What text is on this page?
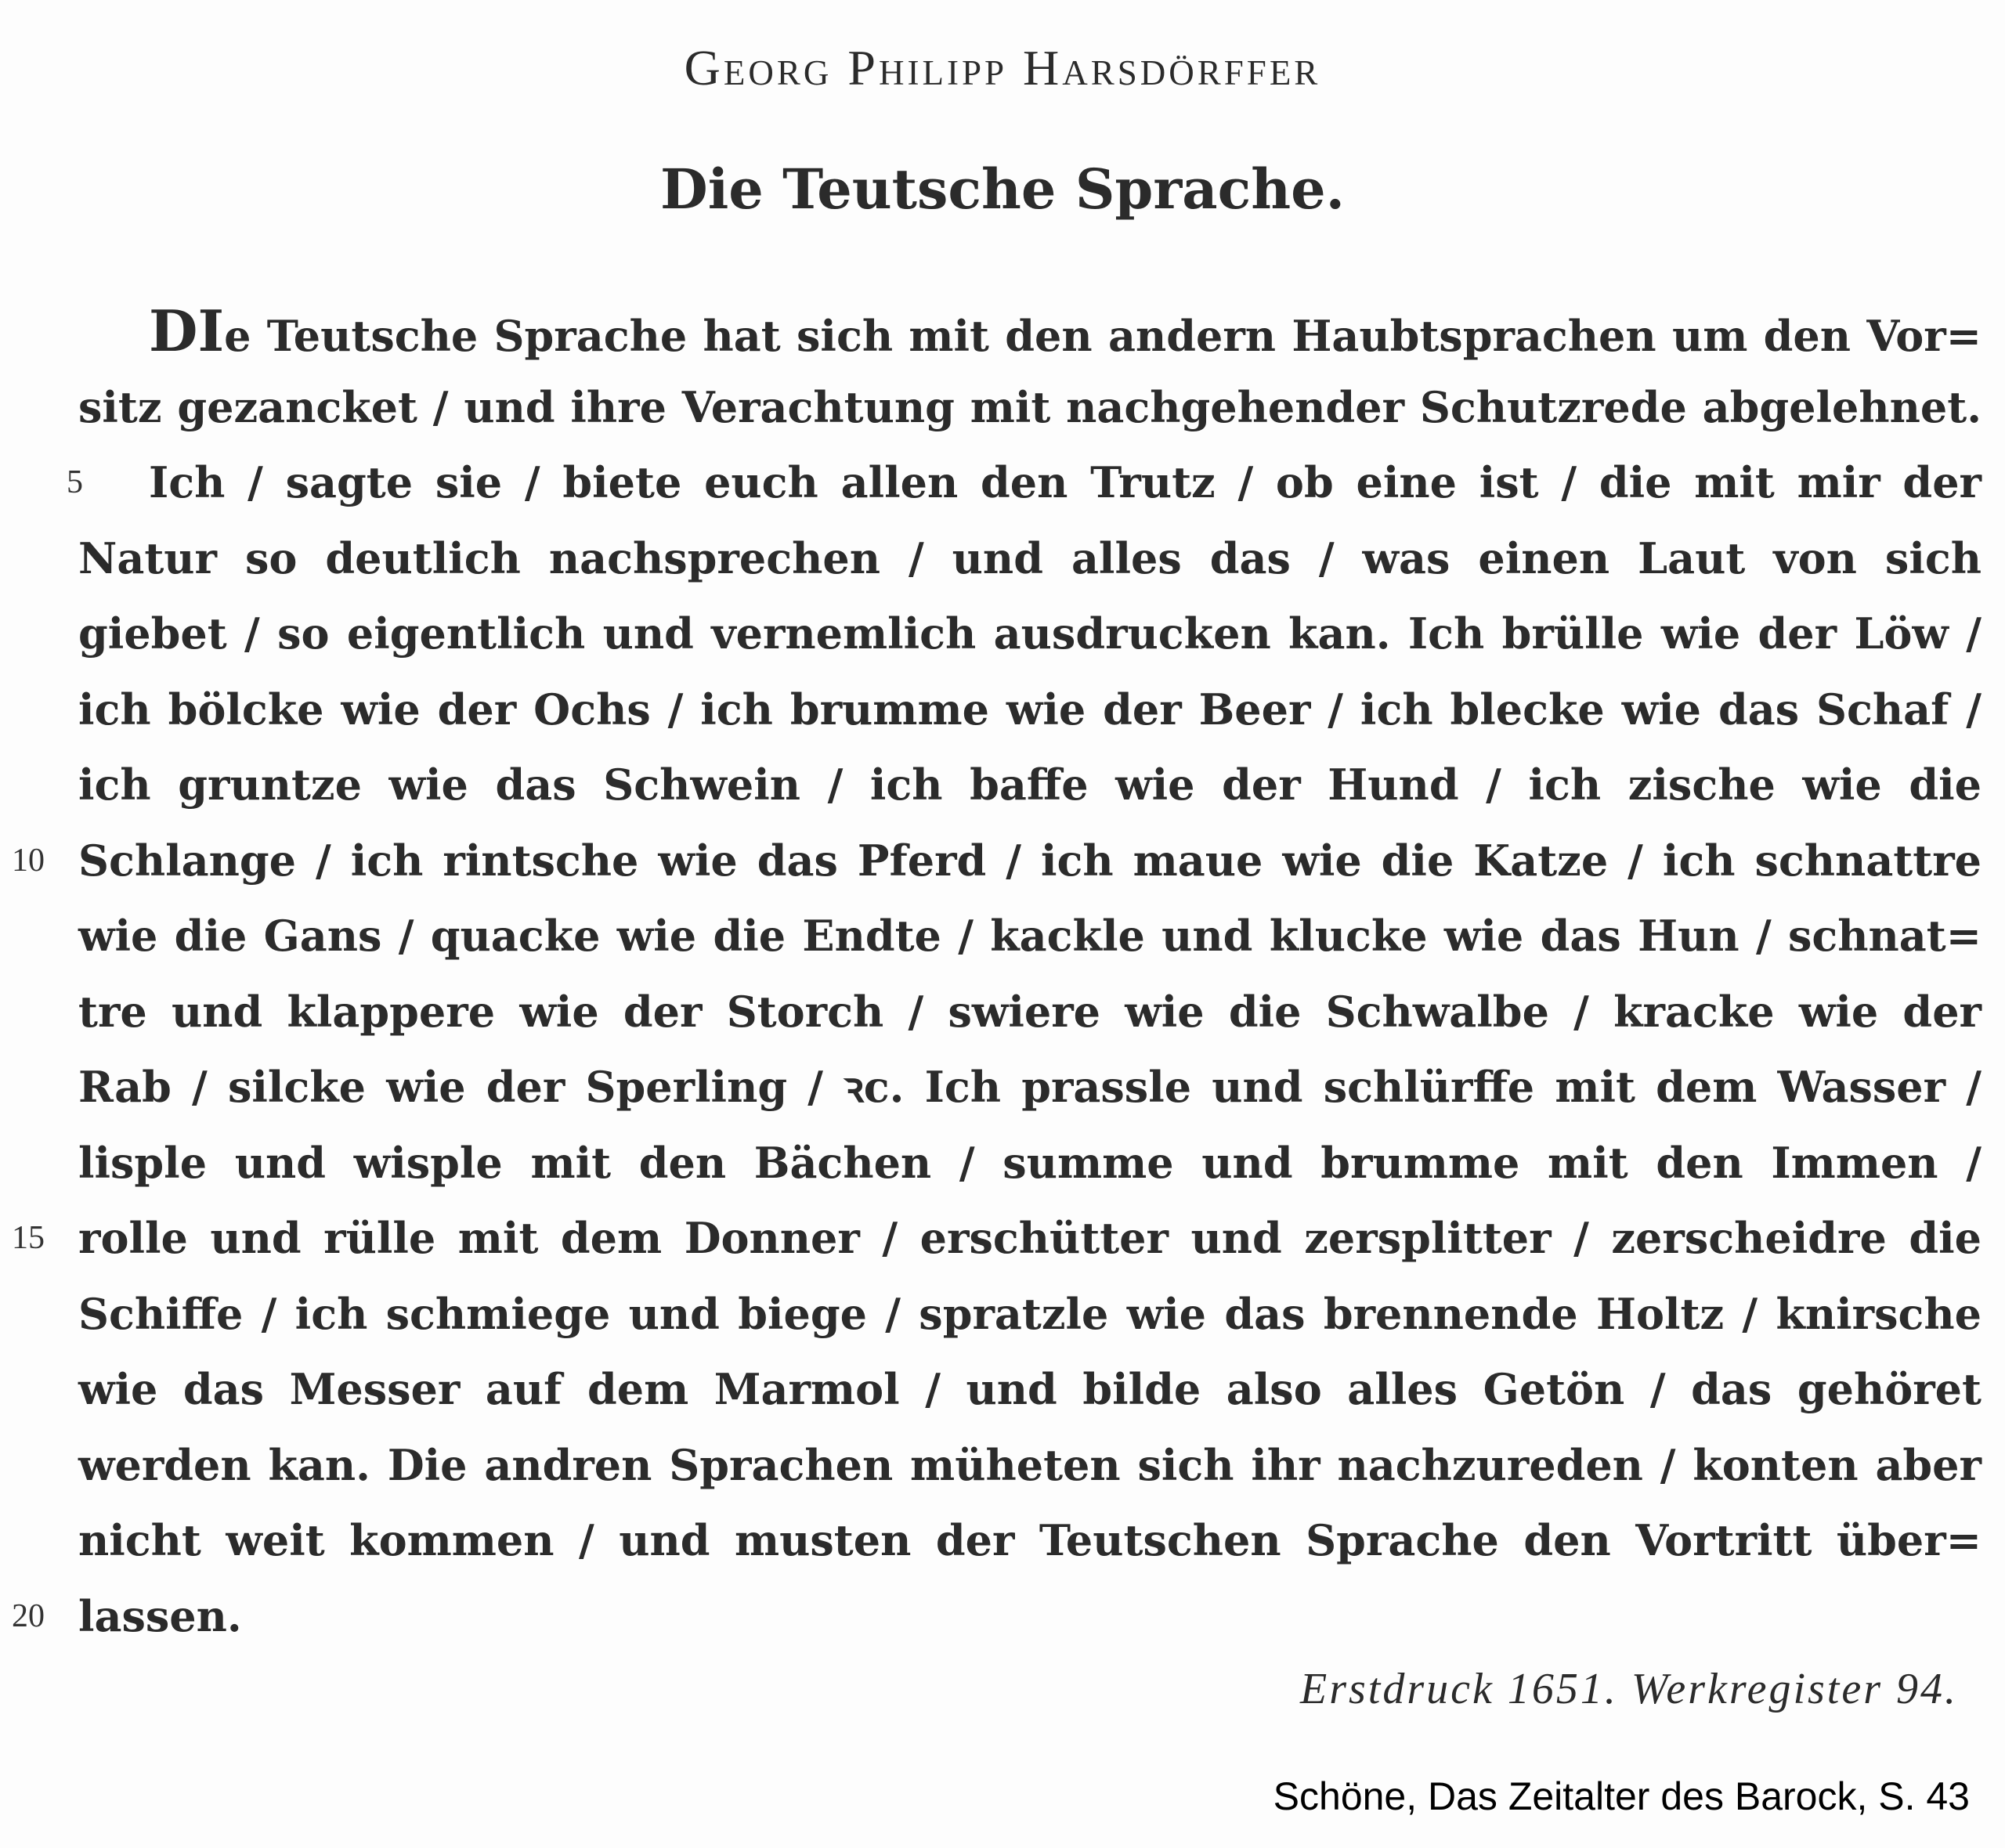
Georg Philipp Harsdörffer
Die Teutsche Sprache.
DIe Teutsche Sprache hat sich mit den andern Haubtsprachen um den Vor=
sitz gezancket / und ihre Verachtung mit nachgehender Schutzrede abgelehnet.
Ich / sagte sie / biete euch allen den Trutz / ob eine ist / die mit mir der
5
Natur so deutlich nachsprechen / und alles das / was einen Laut von sich
giebet / so eigentlich und vernemlich ausdrucken kan. Ich brülle wie der Löw /
ich bölcke wie der Ochs / ich brumme wie der Beer / ich blecke wie das Schaf /
ich gruntze wie das Schwein / ich baffe wie der Hund / ich zische wie die
Schlange / ich rintsche wie das Pferd / ich maue wie die Katze / ich schnattre
10
wie die Gans / quacke wie die Endte / kackle und klucke wie das Hun / schnat=
tre und klappere wie der Storch / swiere wie die Schwalbe / kracke wie der
Rab / silcke wie der Sperling / ꝛc. Ich prassle und schlürffe mit dem Wasser /
lisple und wisple mit den Bächen / summe und brumme mit den Immen /
rolle und rülle mit dem Donner / erschütter und zersplitter / zerscheidre die
15
Schiffe / ich schmiege und biege / spratzle wie das brennende Holtz / knirsche
wie das Messer auf dem Marmol / und bilde also alles Getön / das gehöret
werden kan. Die andren Sprachen müheten sich ihr nachzureden / konten aber
nicht weit kommen / und musten der Teutschen Sprache den Vortritt über=
lassen.
20
Erstdruck 1651. Werkregister 94.
Schöne, Das Zeitalter des Barock, S. 43
